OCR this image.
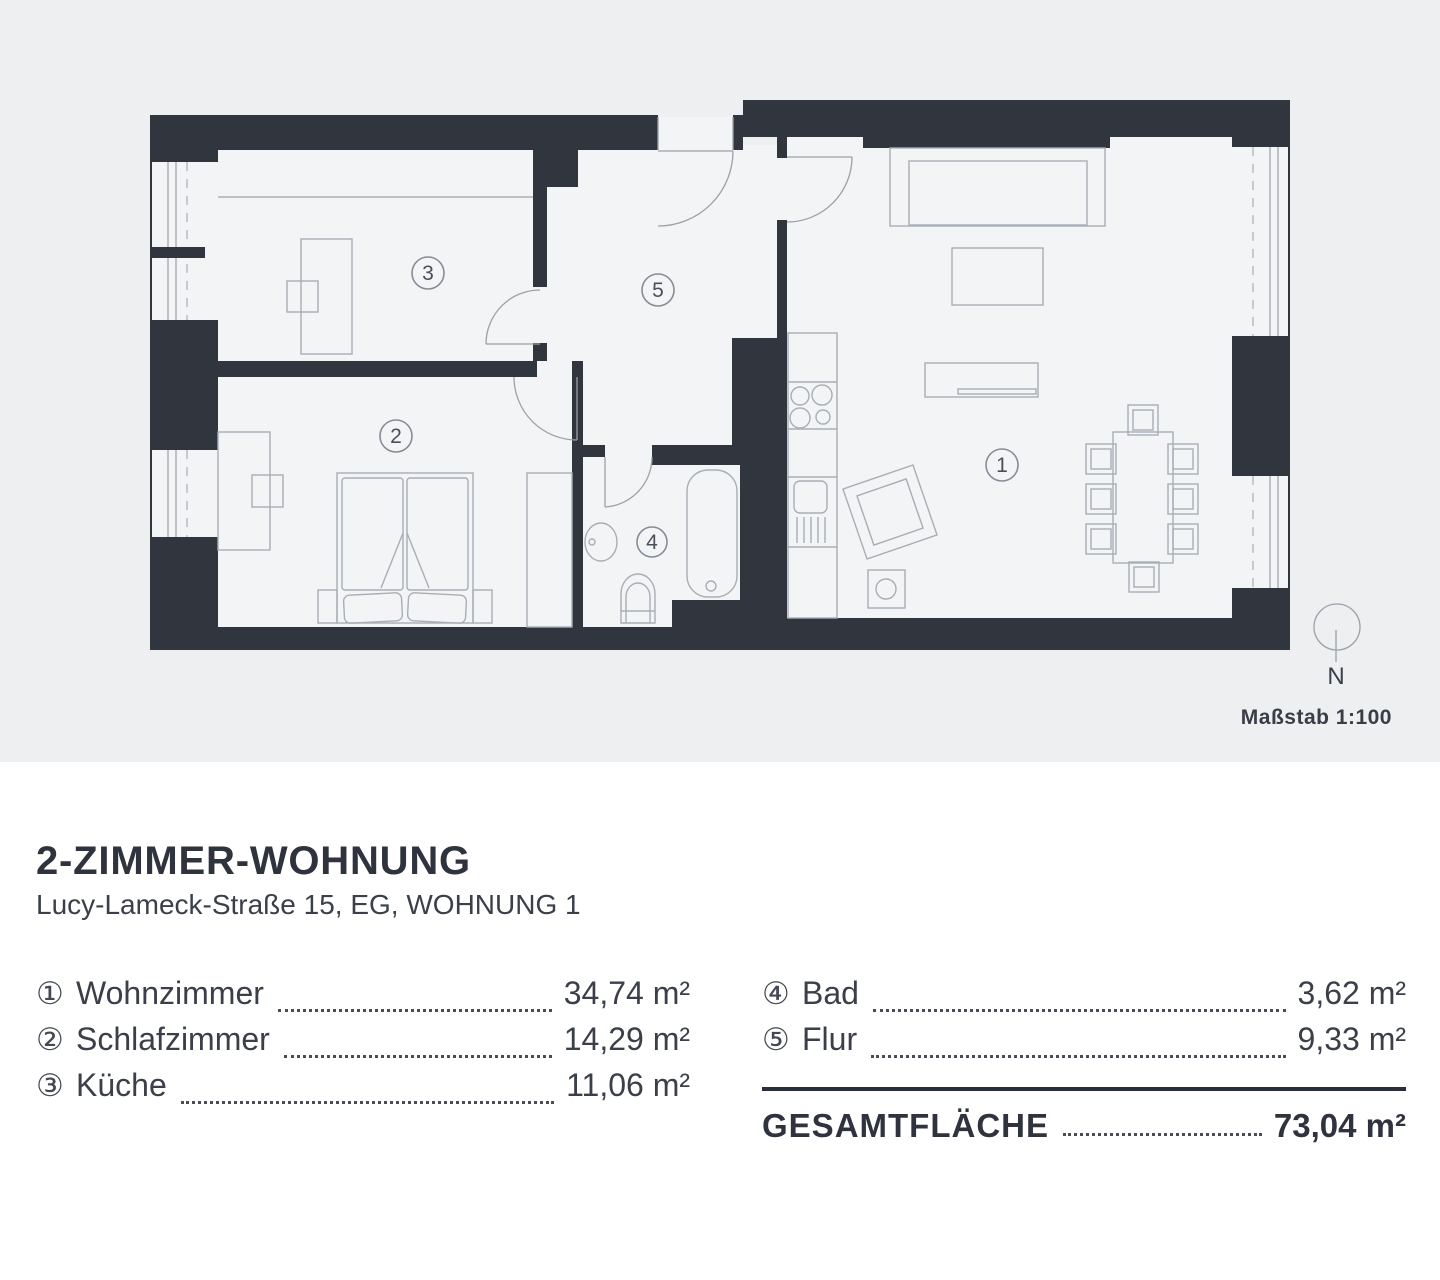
1
2
3
4
5
N
Maßstab 1:100
2-ZIMMER-WOHNUNG
Lucy-Lameck-Straße 15, EG, WOHNUNG 1
① Wohnzimmer	34,74 m²
② Schlafzimmer	14,29 m²
③ Küche	11,06 m²
④ Bad	3,62 m²
⑤ Flur	9,33 m²
GESAMTFLÄCHE	73,04 m²
